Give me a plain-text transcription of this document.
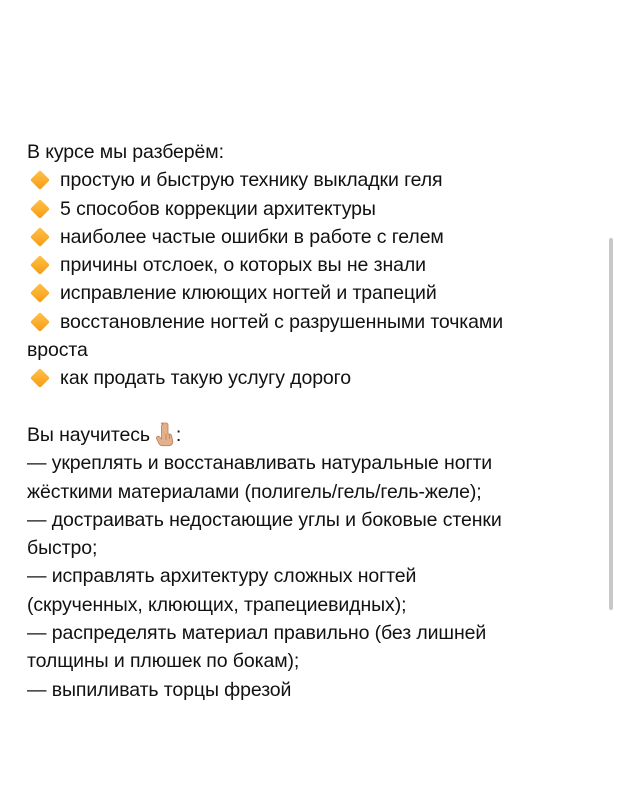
В курсе мы разберём:
простую и быструю технику выкладки геля
5 способов коррекции архитектуры
наиболее частые ошибки в работе с гелем
причины отслоек, о которых вы не знали
исправление клюющих ногтей и трапеций
восстановление ногтей с разрушенными точками
вроста
как продать такую услугу дорого
Вы научитесь :
— укреплять и восстанавливать натуральные ногти
жёсткими материалами (полигель/гель/гель-желе);
— достраивать недостающие углы и боковые стенки
быстро;
— исправлять архитектуру сложных ногтей
(скрученных, клюющих, трапециевидных);
— распределять материал правильно (без лишней
толщины и плюшек по бокам);
— выпиливать торцы фрезой
